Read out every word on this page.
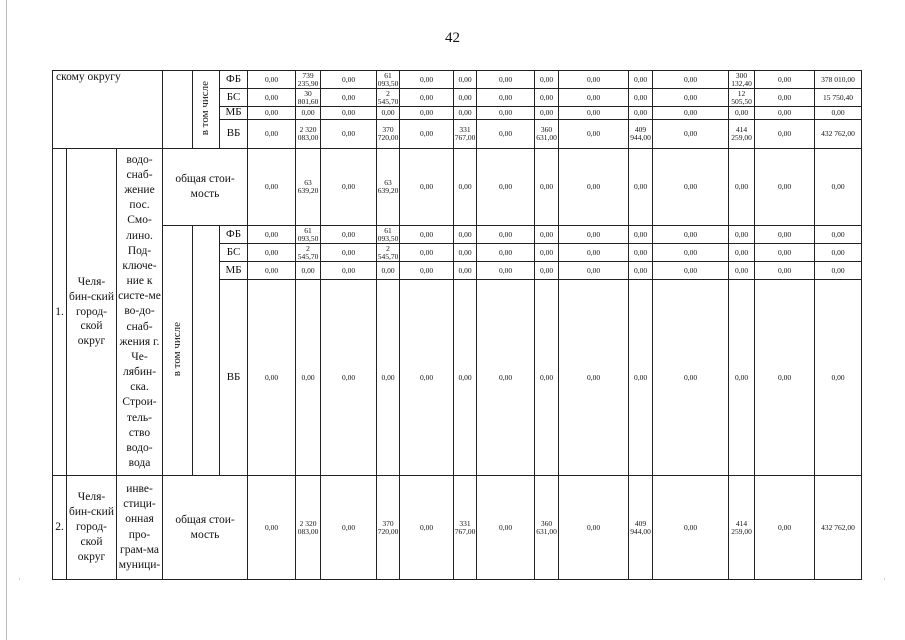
·	·
42
скому округу				в том числе	ФБ	0,00	739 235,90	0,00	61 093,50	0,00	0,00	0,00	0,00	0,00	0,00	0,00	300 132,40	0,00	378 010,00
					БС	0,00	30 801,60	0,00	2 545,70	0,00	0,00	0,00	0,00	0,00	0,00	0,00	12 505,50	0,00	15 750,40
					МБ	0,00	0,00	0,00	0,00	0,00	0,00	0,00	0,00	0,00	0,00	0,00	0,00	0,00	0,00
					ВБ	0,00	2 320 083,00	0,00	370 720,00	0,00	331 767,00	0,00	360 631,00	0,00	409 944,00	0,00	414 259,00	0,00	432 762,00
1.	Челя-бин-ский город-ской округ	водо-снаб-жение пос. Смо-лино. Под-ключе-ние к систе-ме во-до-снаб-жения г. Че-лябин-ска. Строи-тель-ство водо-вода	общая стои-мость			0,00	63 639,20	0,00	63 639,20	0,00	0,00	0,00	0,00	0,00	0,00	0,00	0,00	0,00	0,00
			в том числе		ФБ	0,00	61 093,50	0,00	61 093,50	0,00	0,00	0,00	0,00	0,00	0,00	0,00	0,00	0,00	0,00
					БС	0,00	2 545,70	0,00	2 545,70	0,00	0,00	0,00	0,00	0,00	0,00	0,00	0,00	0,00	0,00
					МБ	0,00	0,00	0,00	0,00	0,00	0,00	0,00	0,00	0,00	0,00	0,00	0,00	0,00	0,00
					ВБ	0,00	0,00	0,00	0,00	0,00	0,00	0,00	0,00	0,00	0,00	0,00	0,00	0,00	0,00
2.	Челя-бин-ский город-ской округ	инве-стици-онная про-грам-ма муници-	общая стои-мость			0,00	2 320 083,00	0,00	370 720,00	0,00	331 767,00	0,00	360 631,00	0,00	409 944,00	0,00	414 259,00	0,00	432 762,00
